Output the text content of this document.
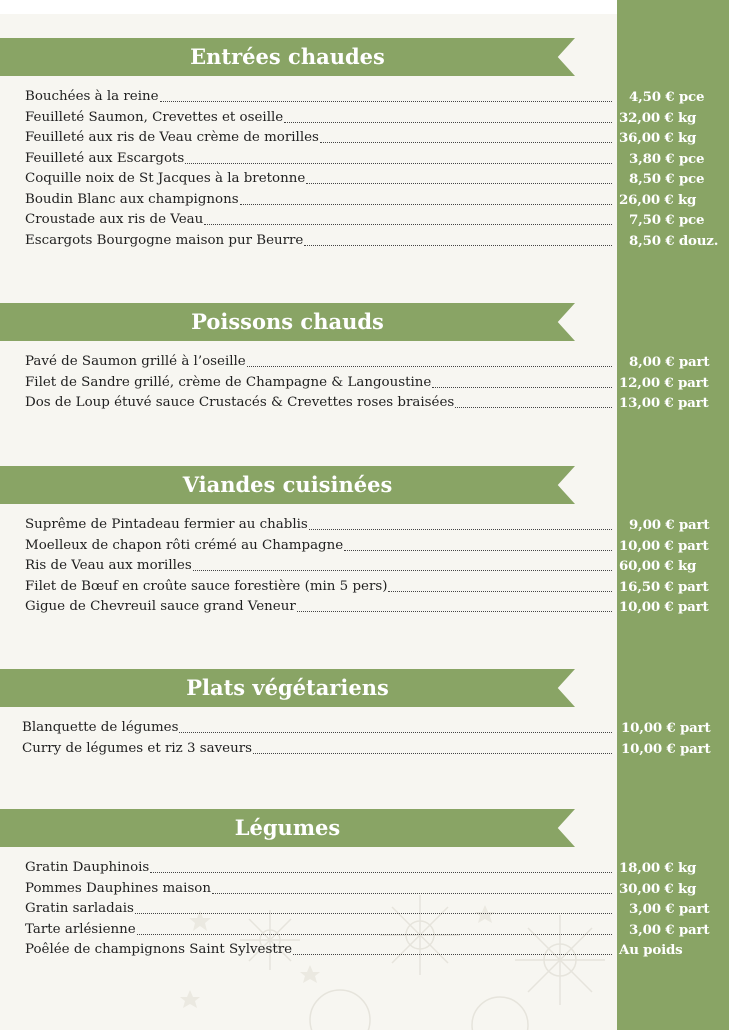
Entrées chaudes
Bouchées à la reine	4,50 € pce
Feuilleté Saumon, Crevettes et oseille	32,00 € kg
Feuilleté aux ris de Veau crème de morilles	36,00 € kg
Feuilleté aux Escargots	3,80 € pce
Coquille noix de St Jacques à la bretonne	8,50 € pce
Boudin Blanc aux champignons	26,00 € kg
Croustade aux ris de Veau	7,50 € pce
Escargots Bourgogne maison pur Beurre	8,50 € douz.
Poissons chauds
Pavé de Saumon grillé à l’oseille	8,00 € part
Filet de Sandre grillé, crème de Champagne & Langoustine	12,00 € part
Dos de Loup étuvé sauce Crustacés & Crevettes roses braisées	13,00 € part
Viandes cuisinées
Suprême de Pintadeau fermier au chablis	9,00 € part
Moelleux de chapon rôti crémé au Champagne	10,00 € part
Ris de Veau aux morilles	60,00 € kg
Filet de Bœuf en croûte sauce forestière (min 5 pers)	16,50 € part
Gigue de Chevreuil sauce grand Veneur	10,00 € part
Plats végétariens
Blanquette de légumes	10,00 € part
Curry de légumes et riz 3 saveurs	10,00 € part
Légumes
Gratin Dauphinois	18,00 € kg
Pommes Dauphines maison	30,00 € kg
Gratin sarladais	3,00 € part
Tarte arlésienne	3,00 € part
Poêlée de champignons Saint Sylvestre	Au poids
